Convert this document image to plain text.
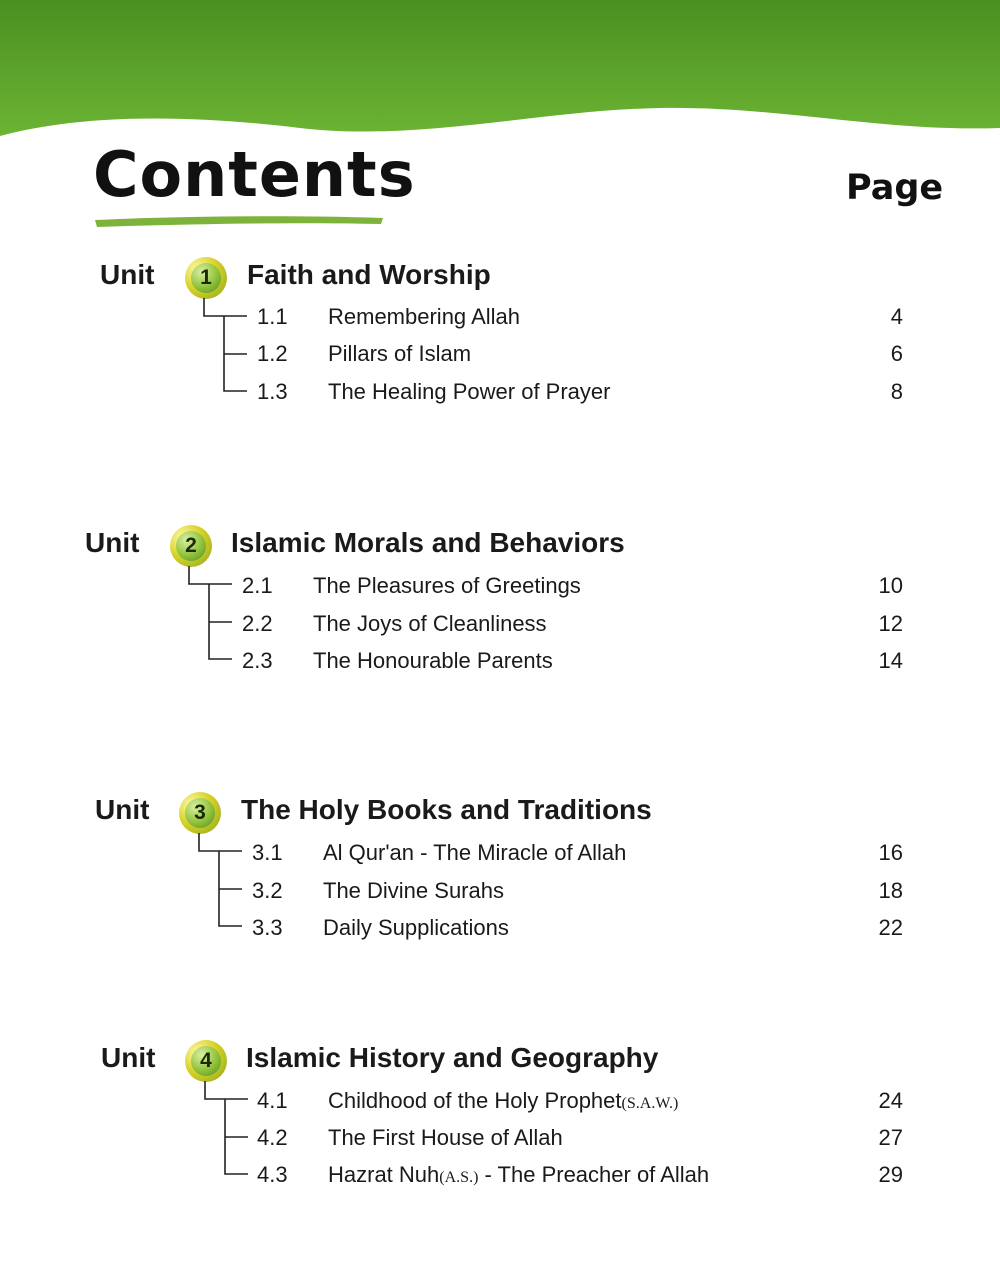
Contents	Page
Unit	1	Faith and Worship
1.1 Remembering Allah	4
1.2 Pillars of Islam	6
1.3 The Healing Power of Prayer	8
Unit	2	Islamic Morals and Behaviors
2.1 The Pleasures of Greetings	10
2.2 The Joys of Cleanliness	12
2.3 The Honourable Parents	14
Unit	3	The Holy Books and Traditions
3.1 Al Qur'an - The Miracle of Allah	16
3.2 The Divine Surahs	18
3.3 Daily Supplications	22
Unit	4	Islamic History and Geography
4.1 Childhood of the Holy Prophet(S.A.W.)	24
4.2 The First House of Allah	27
4.3 Hazrat Nuh(A.S.) - The Preacher of Allah	29
